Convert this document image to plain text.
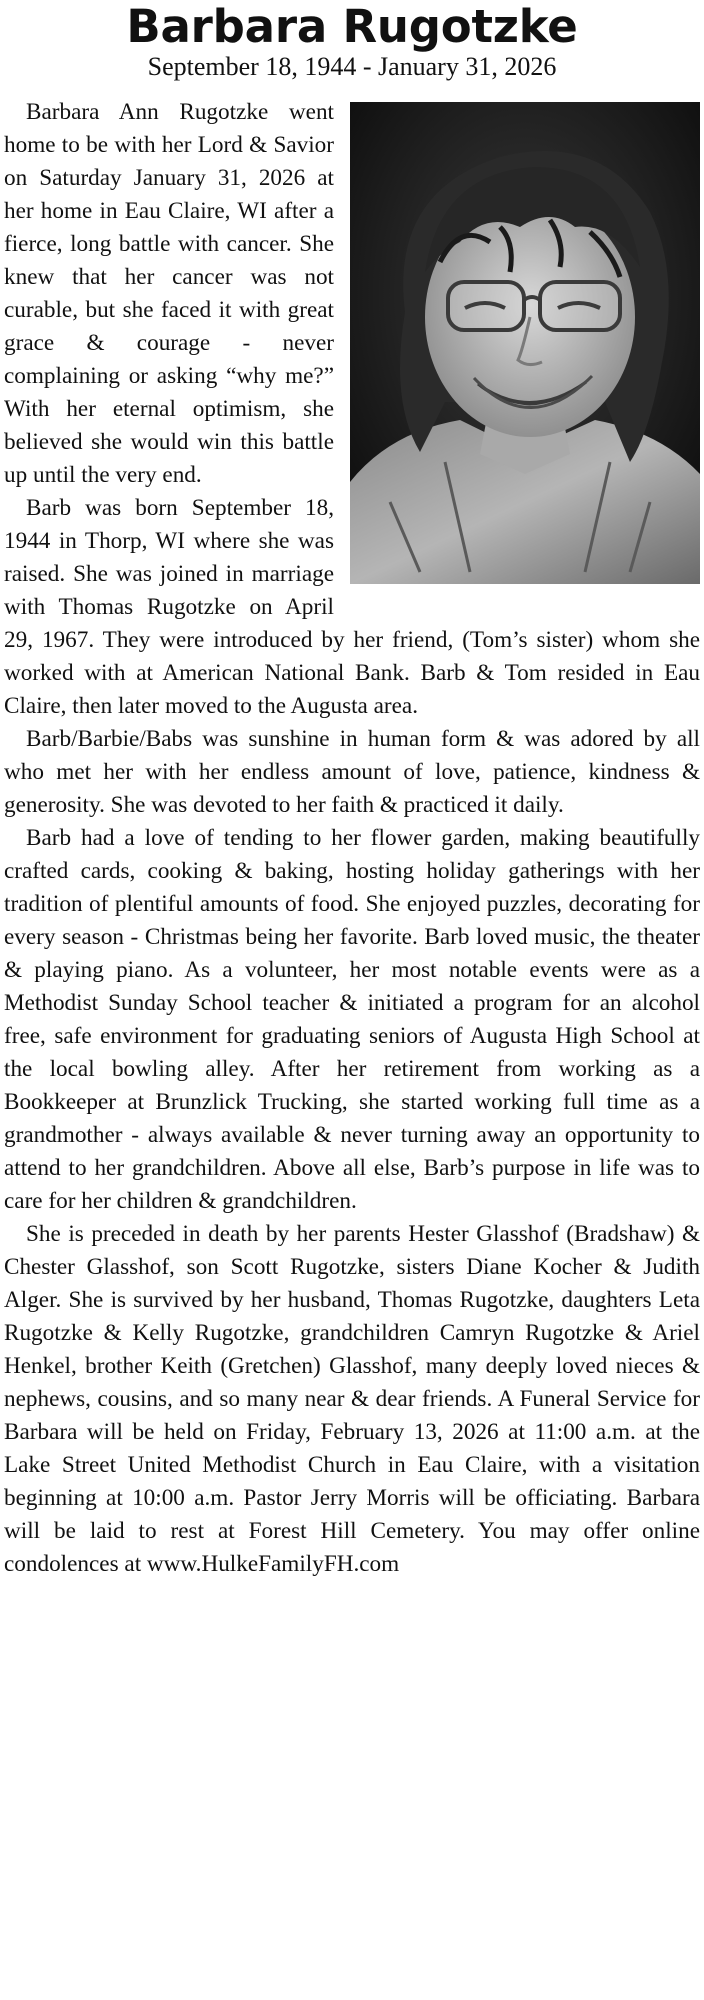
Barbara Rugotzke
September 18, 1944 - January 31, 2026

Barbara Ann Rugotzke went home to be with her Lord & Savior on Saturday January 31, 2026 at her home in Eau Claire, WI after a fierce, long battle with cancer. She knew that her cancer was not curable, but she faced it with great grace & courage - never complaining or asking “why me?” With her eternal optimism, she believed she would win this battle up until the very end.

Barb was born September 18, 1944 in Thorp, WI where she was raised. She was joined in marriage with Thomas Rugotzke on April 29, 1967. They were introduced by her friend, (Tom’s sister) whom she worked with at American National Bank. Barb & Tom resided in Eau Claire, then later moved to the Augusta area.

Barb/Barbie/Babs was sunshine in human form & was adored by all who met her with her endless amount of love, patience, kindness & generosity. She was devoted to her faith & practiced it daily.

Barb had a love of tending to her flower garden, making beautifully crafted cards, cooking & baking, hosting holiday gatherings with her tradition of plentiful amounts of food. She enjoyed puzzles, decorating for every season - Christmas being her favorite. Barb loved music, the theater & playing piano. As a volunteer, her most notable events were as a Methodist Sunday School teacher & initiated a program for an alcohol free, safe environment for graduating seniors of Augusta High School at the local bowling alley. After her retirement from working as a Bookkeeper at Brunzlick Trucking, she started working full time as a grandmother - always available & never turning away an opportunity to attend to her grandchildren. Above all else, Barb’s purpose in life was to care for her children & grandchildren.

She is preceded in death by her parents Hester Glasshof (Bradshaw) & Chester Glasshof, son Scott Rugotzke, sisters Diane Kocher & Judith Alger. She is survived by her husband, Thomas Rugotzke, daughters Leta Rugotzke & Kelly Rugotzke, grandchildren Camryn Rugotzke & Ariel Henkel, brother Keith (Gretchen) Glasshof, many deeply loved nieces & nephews, cousins, and so many near & dear friends. A Funeral Service for Barbara will be held on Friday, February 13, 2026 at 11:00 a.m. at the Lake Street United Methodist Church in Eau Claire, with a visitation beginning at 10:00 a.m. Pastor Jerry Morris will be officiating. Barbara will be laid to rest at Forest Hill Cemetery. You may offer online condolences at www.HulkeFamilyFH.com
